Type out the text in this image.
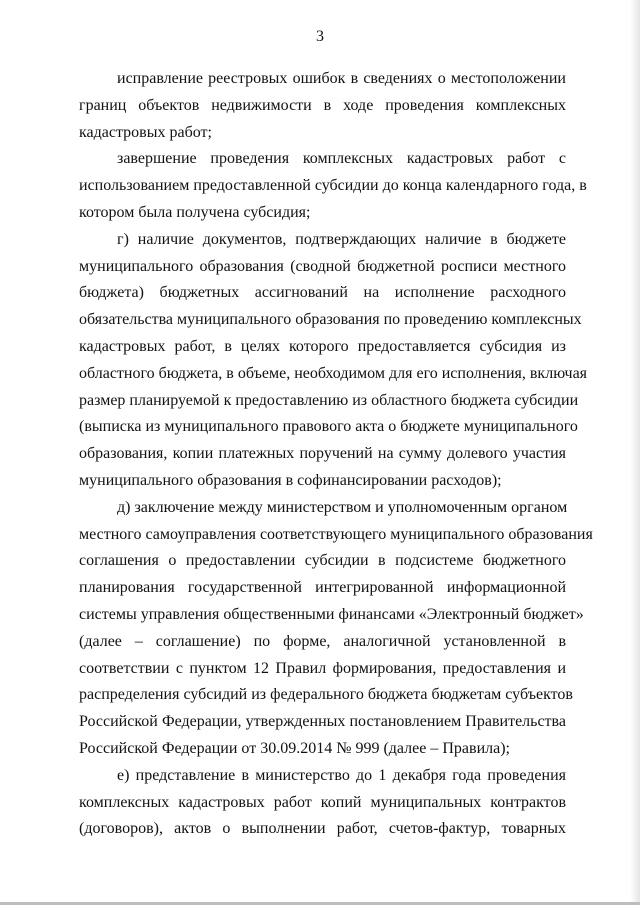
3
исправление реестровых ошибок в сведениях о местоположении
границ объектов недвижимости в ходе проведения комплексных
кадастровых работ;
завершение проведения комплексных кадастровых работ с
использованием предоставленной субсидии до конца календарного года, в
котором была получена субсидия;
г) наличие документов, подтверждающих наличие в бюджете
муниципального образования (сводной бюджетной росписи местного
бюджета) бюджетных ассигнований на исполнение расходного
обязательства муниципального образования по проведению комплексных
кадастровых работ, в целях которого предоставляется субсидия из
областного бюджета, в объеме, необходимом для его исполнения, включая
размер планируемой к предоставлению из областного бюджета субсидии
(выписка из муниципального правового акта о бюджете муниципального
образования, копии платежных поручений на сумму долевого участия
муниципального образования в софинансировании расходов);
д) заключение между министерством и уполномоченным органом
местного самоуправления соответствующего муниципального образования
соглашения о предоставлении субсидии в подсистеме бюджетного
планирования государственной интегрированной информационной
системы управления общественными финансами «Электронный бюджет»
(далее – соглашение) по форме, аналогичной установленной в
соответствии с пунктом 12 Правил формирования, предоставления и
распределения субсидий из федерального бюджета бюджетам субъектов
Российской Федерации, утвержденных постановлением Правительства
Российской Федерации от 30.09.2014 № 999 (далее – Правила);
е) представление в министерство до 1 декабря года проведения
комплексных кадастровых работ копий муниципальных контрактов
(договоров), актов о выполнении работ, счетов-фактур, товарных
